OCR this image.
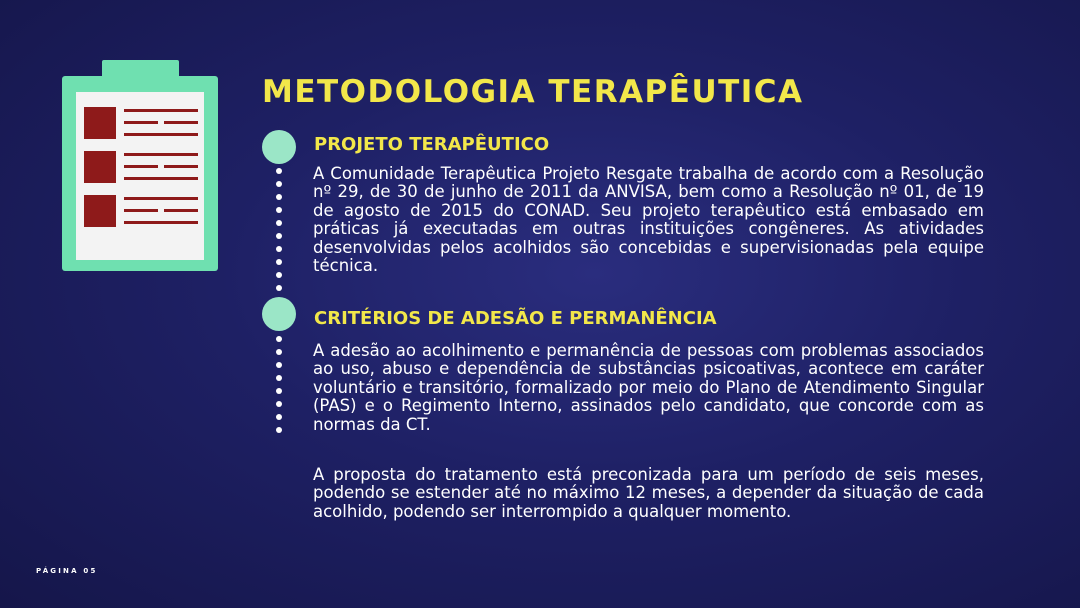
METODOLOGIA TERAPÊUTICA
PROJETO TERAPÊUTICO

A Comunidade Terapêutica Projeto Resgate trabalha de acordo com a Resolução nº 29, de 30 de junho de 2011 da ANVISA, bem como a Resolução nº 01, de 19 de agosto de 2015 do CONAD. Seu projeto terapêutico está embasado em práticas já executadas em outras instituições congêneres. As atividades desenvolvidas pelos acolhidos são concebidas e supervisionadas pela equipe técnica.

CRITÉRIOS DE ADESÃO E PERMANÊNCIA

A adesão ao acolhimento e permanência de pessoas com problemas associados ao uso, abuso e dependência de substâncias psicoativas, acontece em caráter voluntário e transitório, formalizado por meio do Plano de Atendimento Singular (PAS) e o Regimento Interno, assinados pelo candidato, que concorde com as normas da CT.

A proposta do tratamento está preconizada para um período de seis meses, podendo se estender até no máximo 12 meses, a depender da situação de cada acolhido, podendo ser interrompido a qualquer momento.

PÁGINA 05
